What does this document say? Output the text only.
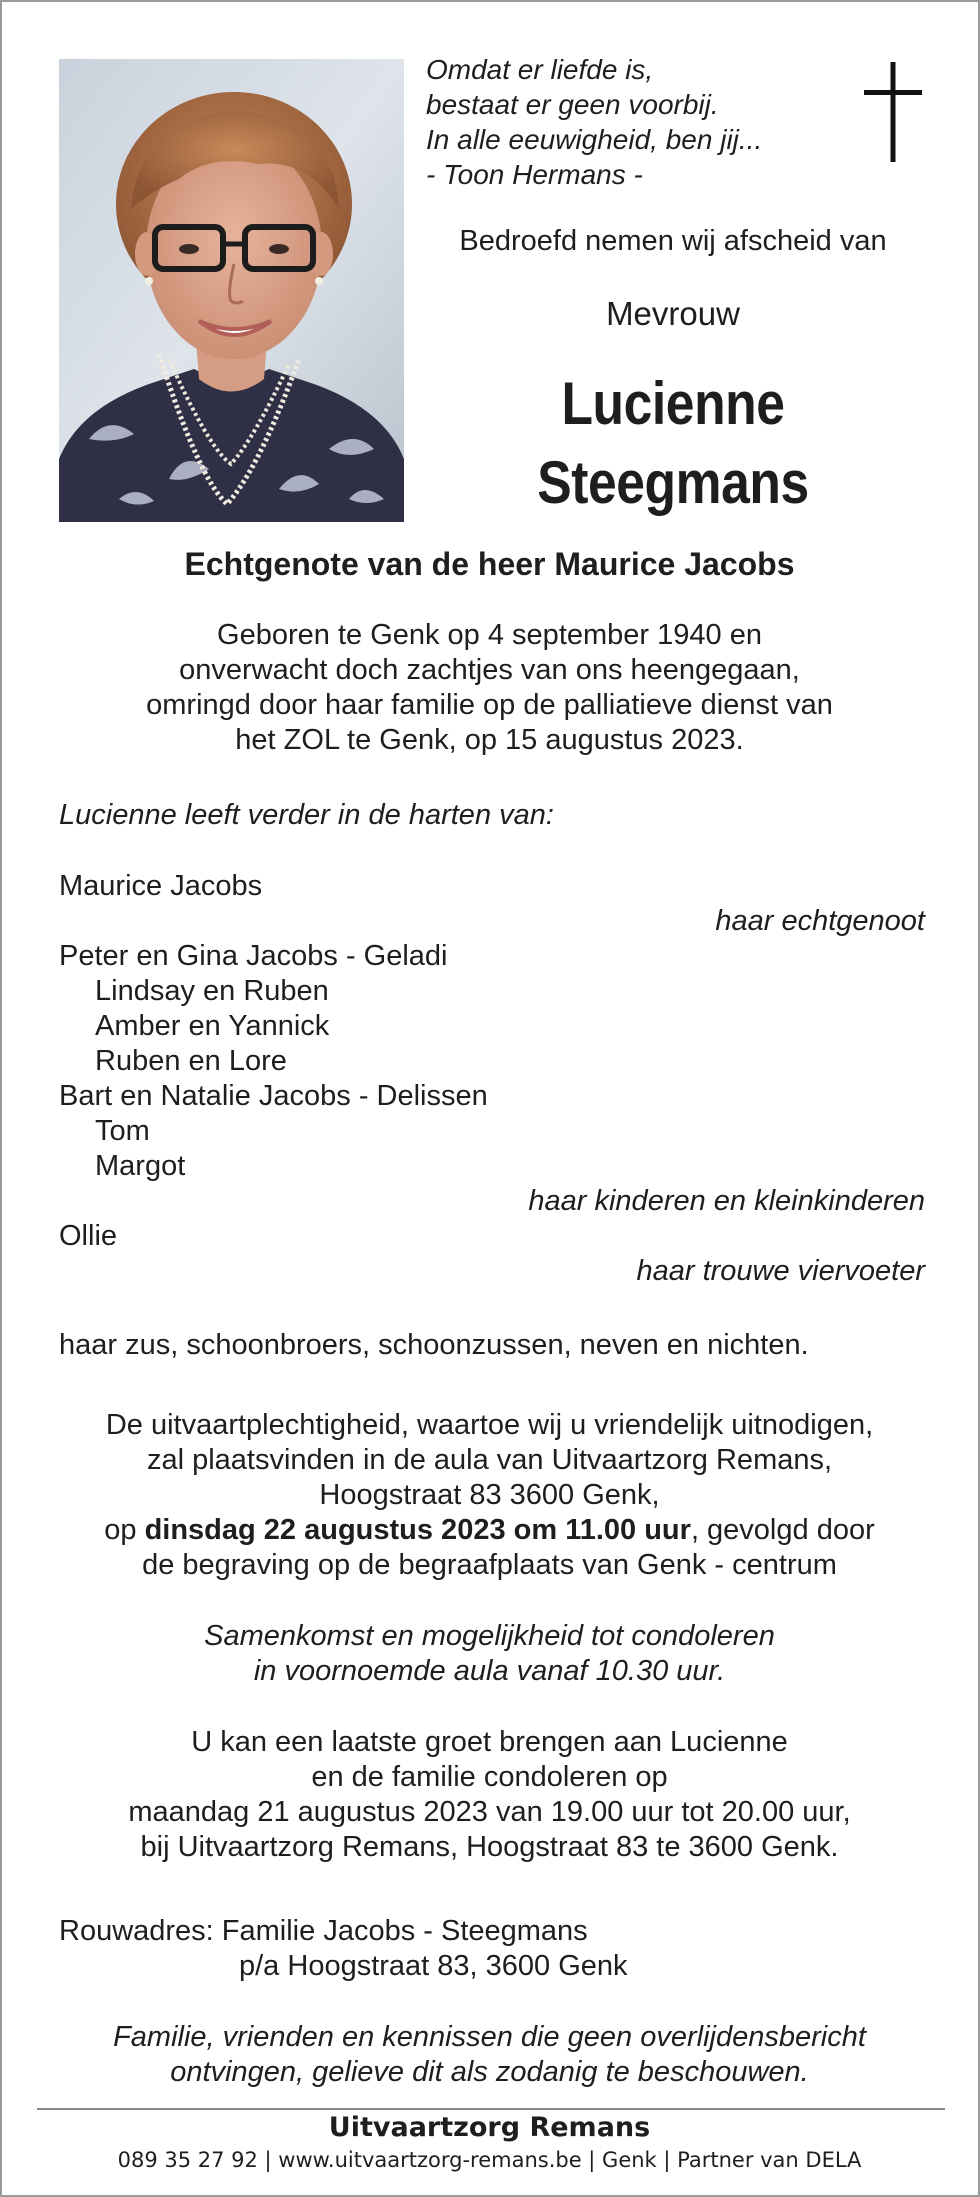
Omdat er liefde is,
bestaat er geen voorbij.
In alle eeuwigheid, ben jij...
- Toon Hermans -
Bedroefd nemen wij afscheid van
Mevrouw
Lucienne
Steegmans
Echtgenote van de heer Maurice Jacobs
Geboren te Genk op 4 september 1940 en
onverwacht doch zachtjes van ons heengegaan,
omringd door haar familie op de palliatieve dienst van
het ZOL te Genk, op 15 augustus 2023.
Lucienne leeft verder in de harten van:
Maurice Jacobs
haar echtgenoot
Peter en Gina Jacobs - Geladi
Lindsay en Ruben
Amber en Yannick
Ruben en Lore
Bart en Natalie Jacobs - Delissen
Tom
Margot
haar kinderen en kleinkinderen
Ollie
haar trouwe viervoeter
haar zus, schoonbroers, schoonzussen, neven en nichten.
De uitvaartplechtigheid, waartoe wij u vriendelijk uitnodigen,
zal plaatsvinden in de aula van Uitvaartzorg Remans,
Hoogstraat 83 3600 Genk,
op dinsdag 22 augustus 2023 om 11.00 uur, gevolgd door
de begraving op de begraafplaats van Genk - centrum
Samenkomst en mogelijkheid tot condoleren
in voornoemde aula vanaf 10.30 uur.
U kan een laatste groet brengen aan Lucienne
en de familie condoleren op
maandag 21 augustus 2023 van 19.00 uur tot 20.00 uur,
bij Uitvaartzorg Remans, Hoogstraat 83 te 3600 Genk.
Rouwadres: Familie Jacobs - Steegmans
p/a Hoogstraat 83, 3600 Genk
Familie, vrienden en kennissen die geen overlijdensbericht
ontvingen, gelieve dit als zodanig te beschouwen.
Uitvaartzorg Remans
089 35 27 92 | www.uitvaartzorg-remans.be | Genk | Partner van DELA
